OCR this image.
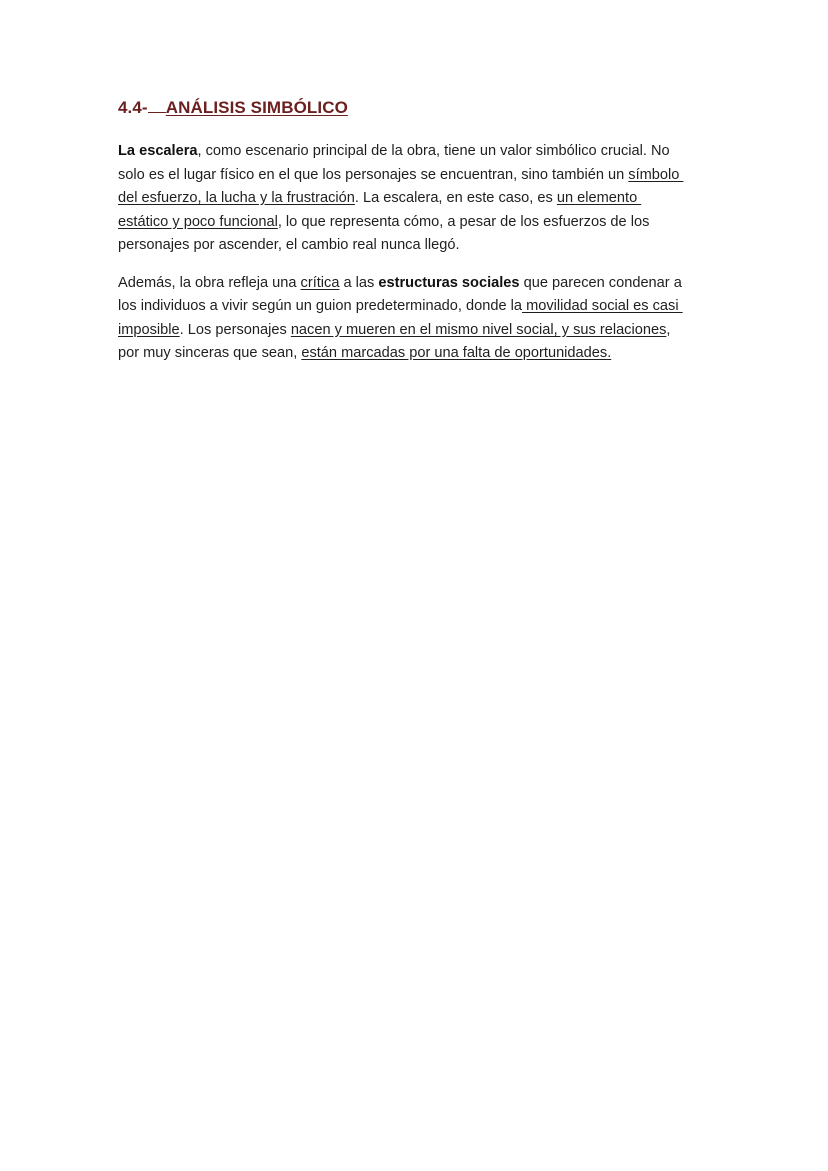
4.4- ANÁLISIS SIMBÓLICO
La escalera, como escenario principal de la obra, tiene un valor simbólico crucial. No
solo es el lugar físico en el que los personajes se encuentran, sino también un símbolo
del esfuerzo, la lucha y la frustración. La escalera, en este caso, es un elemento
estático y poco funcional, lo que representa cómo, a pesar de los esfuerzos de los
personajes por ascender, el cambio real nunca llegó.
Además, la obra refleja una crítica a las estructuras sociales que parecen condenar a
los individuos a vivir según un guion predeterminado, donde la movilidad social es casi
imposible. Los personajes nacen y mueren en el mismo nivel social, y sus relaciones,
por muy sinceras que sean, están marcadas por una falta de oportunidades.
